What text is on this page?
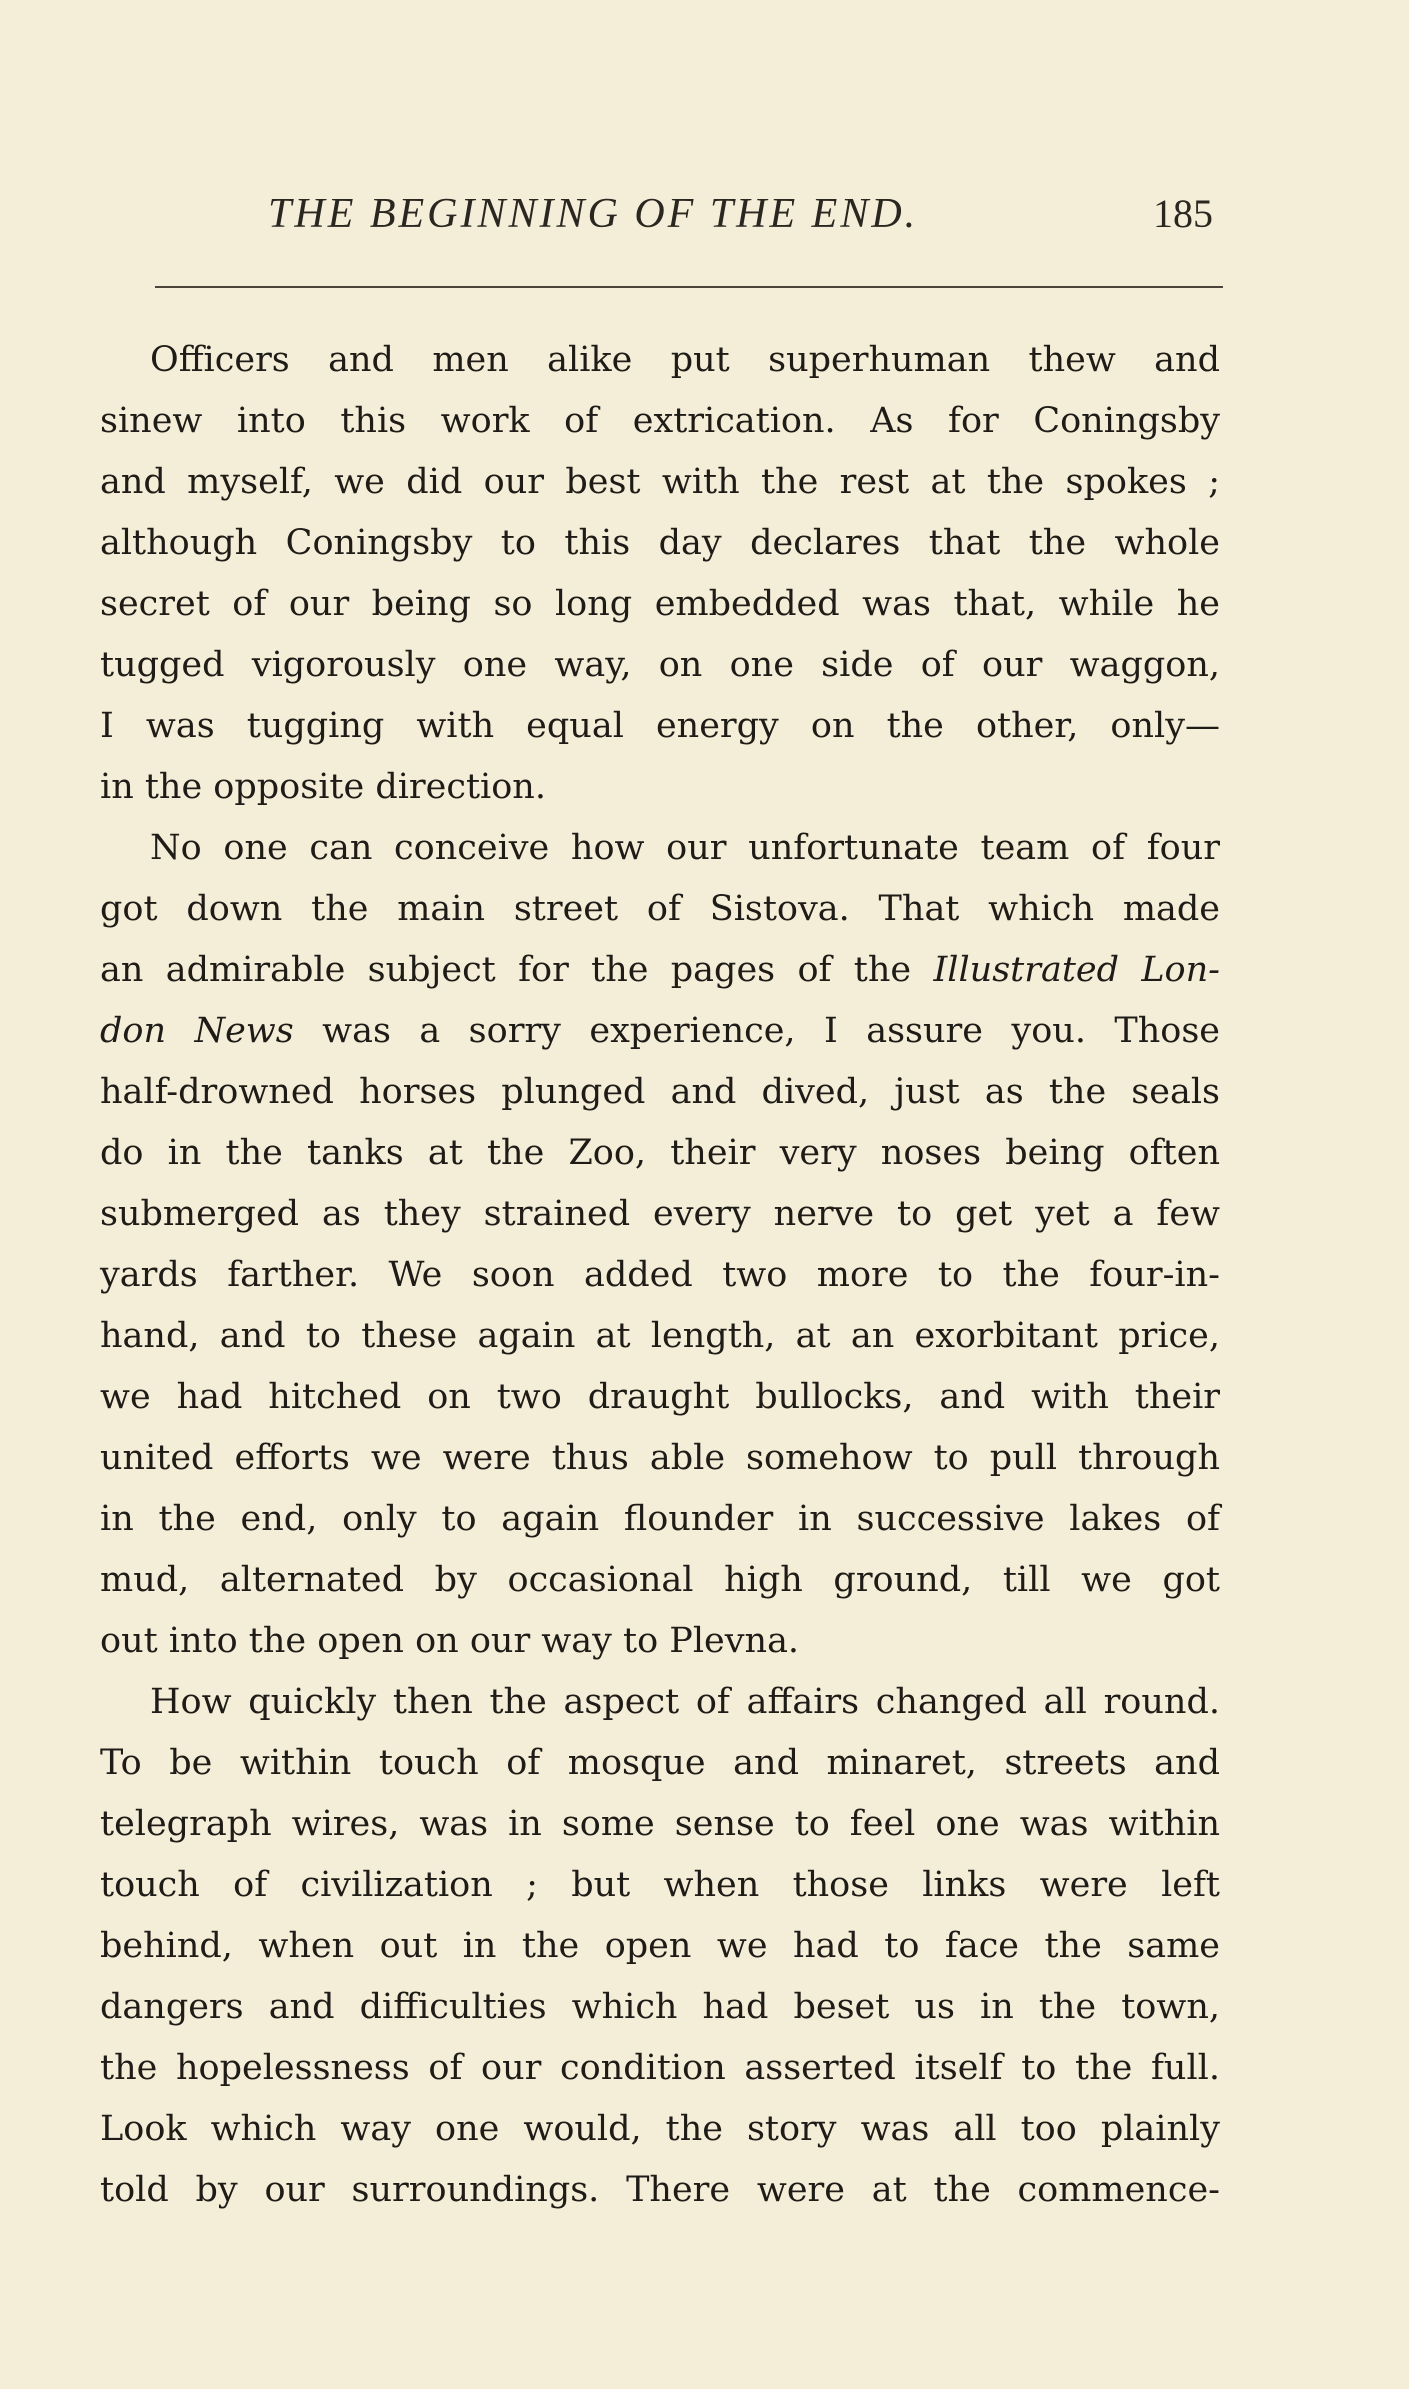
THE BEGINNING OF THE END.	185
Officers and men alike put superhuman thew and
sinew into this work of extrication. As for Coningsby
and myself, we did our best with the rest at the spokes ;
although Coningsby to this day declares that the whole
secret of our being so long embedded was that, while he
tugged vigorously one way, on one side of our waggon,
I was tugging with equal energy on the other, only—
in the opposite direction.
No one can conceive how our unfortunate team of four
got down the main street of Sistova. That which made
an admirable subject for the pages of the Illustrated Lon-
don News was a sorry experience, I assure you. Those
half-drowned horses plunged and dived, just as the seals
do in the tanks at the Zoo, their very noses being often
submerged as they strained every nerve to get yet a few
yards farther. We soon added two more to the four-in-
hand, and to these again at length, at an exorbitant price,
we had hitched on two draught bullocks, and with their
united efforts we were thus able somehow to pull through
in the end, only to again flounder in successive lakes of
mud, alternated by occasional high ground, till we got
out into the open on our way to Plevna.
How quickly then the aspect of affairs changed all round.
To be within touch of mosque and minaret, streets and
telegraph wires, was in some sense to feel one was within
touch of civilization ; but when those links were left
behind, when out in the open we had to face the same
dangers and difficulties which had beset us in the town,
the hopelessness of our condition asserted itself to the full.
Look which way one would, the story was all too plainly
told by our surroundings. There were at the commence-
